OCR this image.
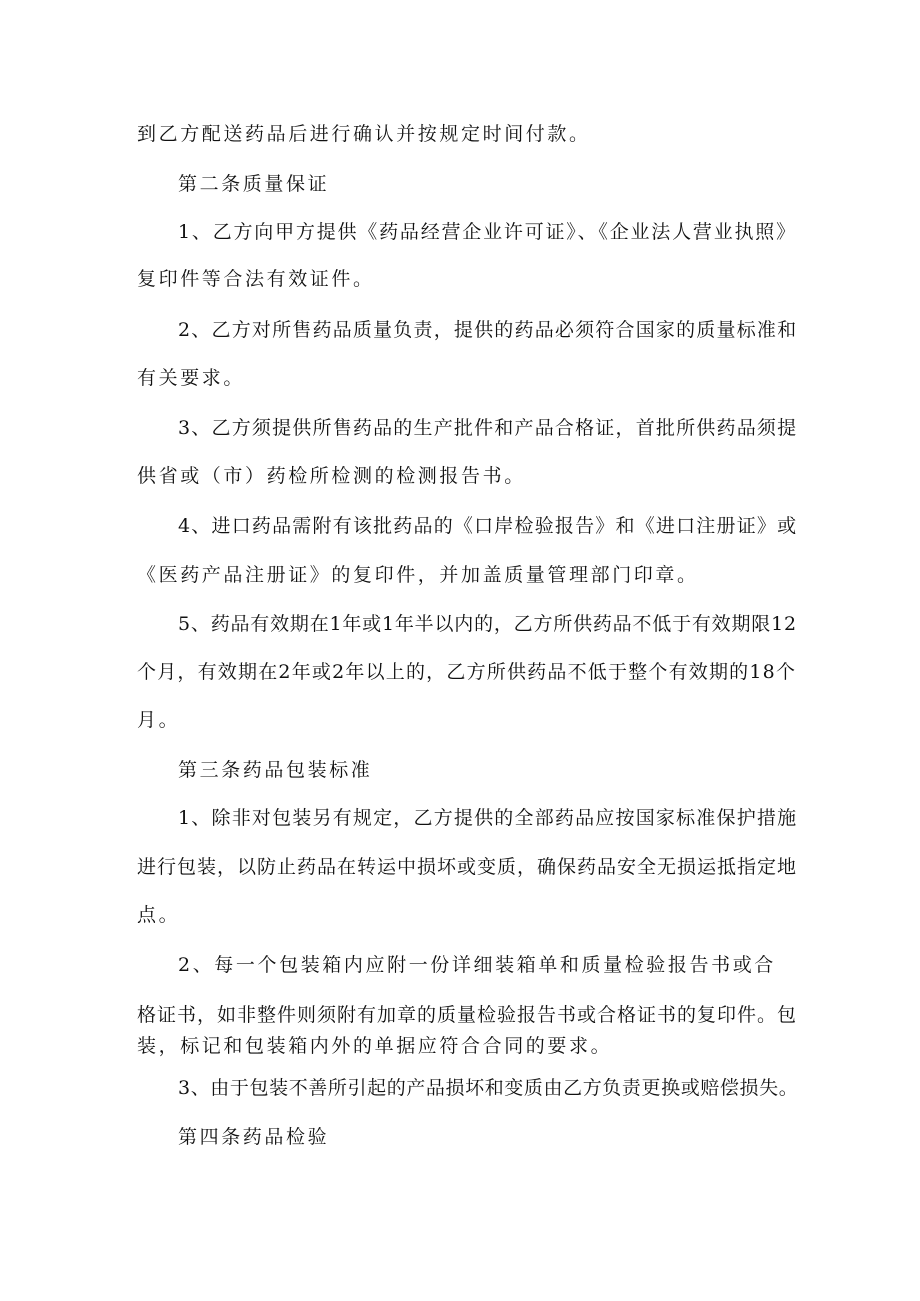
到乙方配送药品后进行确认并按规定时间付款。
第二条质量保证
1、乙方向甲方提供《药品经营企业许可证》、《企业法人营业执照》
复印件等合法有效证件。
2、乙方对所售药品质量负责，提供的药品必须符合国家的质量标准和
有关要求。
3、乙方须提供所售药品的生产批件和产品合格证，首批所供药品须提
供省或（市）药检所检测的检测报告书。
4、进口药品需附有该批药品的《口岸检验报告》和《进口注册证》或
《医药产品注册证》的复印件，并加盖质量管理部门印章。
5、药品有效期在1年或1年半以内的，乙方所供药品不低于有效期限12
个月，有效期在2年或2年以上的，乙方所供药品不低于整个有效期的18个
月。
第三条药品包装标准
1、除非对包装另有规定，乙方提供的全部药品应按国家标准保护措施
进行包装，以防止药品在转运中损坏或变质，确保药品安全无损运抵指定地
点。
2、每一个包装箱内应附一份详细装箱单和质量检验报告书或合
格证书，如非整件则须附有加章的质量检验报告书或合格证书的复印件。包
装，标记和包装箱内外的单据应符合合同的要求。
3、由于包装不善所引起的产品损坏和变质由乙方负责更换或赔偿损失。
第四条药品检验
